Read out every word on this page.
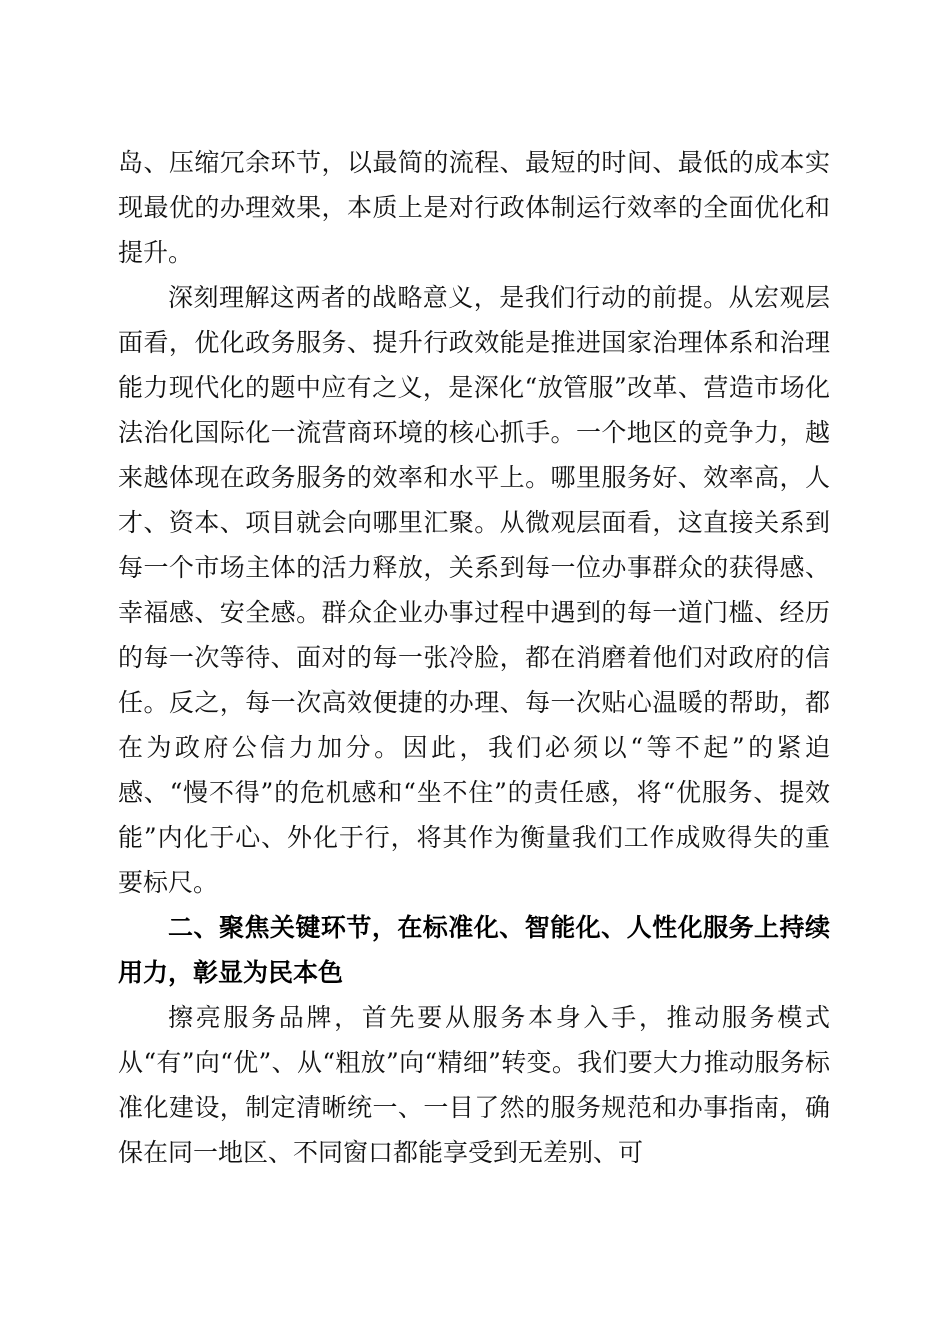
岛、压缩冗余环节，以最简的流程、最短的时间、最低的成本实现最优的办理效果，本质上是对行政体制运行效率的全面优化和提升。

深刻理解这两者的战略意义，是我们行动的前提。从宏观层面看，优化政务服务、提升行政效能是推进国家治理体系和治理能力现代化的题中应有之义，是深化“放管服”改革、营造市场化法治化国际化一流营商环境的核心抓手。一个地区的竞争力，越来越体现在政务服务的效率和水平上。哪里服务好、效率高，人才、资本、项目就会向哪里汇聚。从微观层面看，这直接关系到每一个市场主体的活力释放，关系到每一位办事群众的获得感、幸福感、安全感。群众企业办事过程中遇到的每一道门槛、经历的每一次等待、面对的每一张冷脸，都在消磨着他们对政府的信任。反之，每一次高效便捷的办理、每一次贴心温暖的帮助，都在为政府公信力加分。因此，我们必须以“等不起”的紧迫感、“慢不得”的危机感和“坐不住”的责任感，将“优服务、提效能”内化于心、外化于行，将其作为衡量我们工作成败得失的重要标尺。

二、聚焦关键环节，在标准化、智能化、人性化服务上持续用力，彰显为民本色

擦亮服务品牌，首先要从服务本身入手，推动服务模式从“有”向“优”、从“粗放”向“精细”转变。我们要大力推动服务标准化建设，制定清晰统一、一目了然的服务规范和办事指南，确保在同一地区、不同窗口都能享受到无差别、可
